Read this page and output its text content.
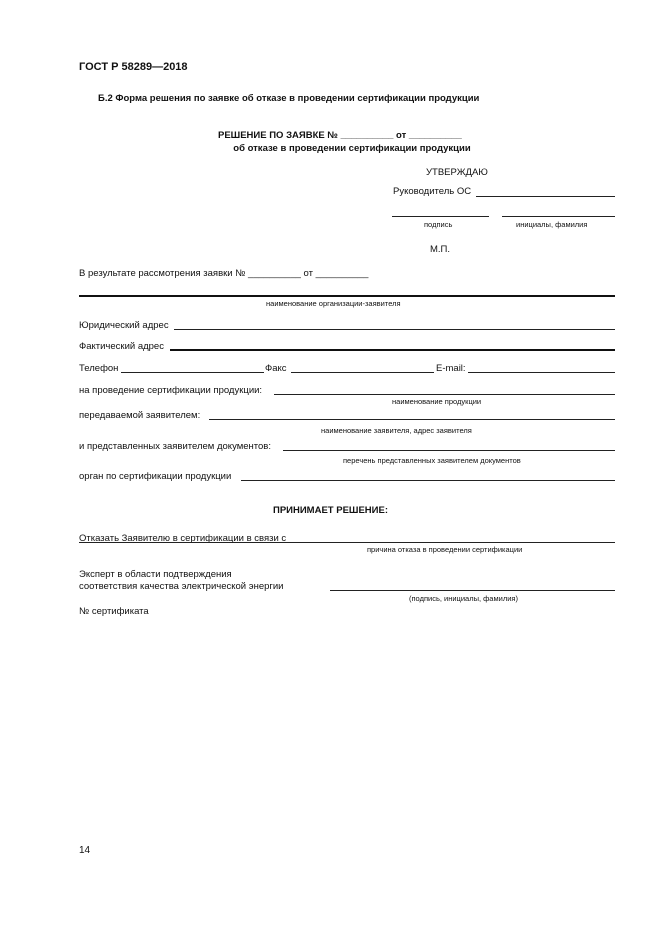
ГОСТ Р 58289—2018
Б.2 Форма решения по заявке об отказе в проведении сертификации продукции
РЕШЕНИЕ ПО ЗАЯВКЕ № __________ от __________
об отказе в проведении сертификации продукции
УТВЕРЖДАЮ
Руководитель ОС
подпись	инициалы, фамилия
М.П.
В результате рассмотрения заявки № __________ от __________
наименование организации-заявителя
Юридический адрес
Фактический адрес
Телефон	Факс	E-mail:
на проведение сертификации продукции:
наименование продукции
передаваемой заявителем:
наименование заявителя, адрес заявителя
и представленных заявителем документов:
перечень представленных заявителем документов
орган по сертификации продукции
ПРИНИМАЕТ РЕШЕНИЕ:
Отказать Заявителю в сертификации в связи с
причина отказа в проведении сертификации
Эксперт в области подтверждения
соответствия качества электрической энергии
(подпись, инициалы, фамилия)
№ сертификата
14
